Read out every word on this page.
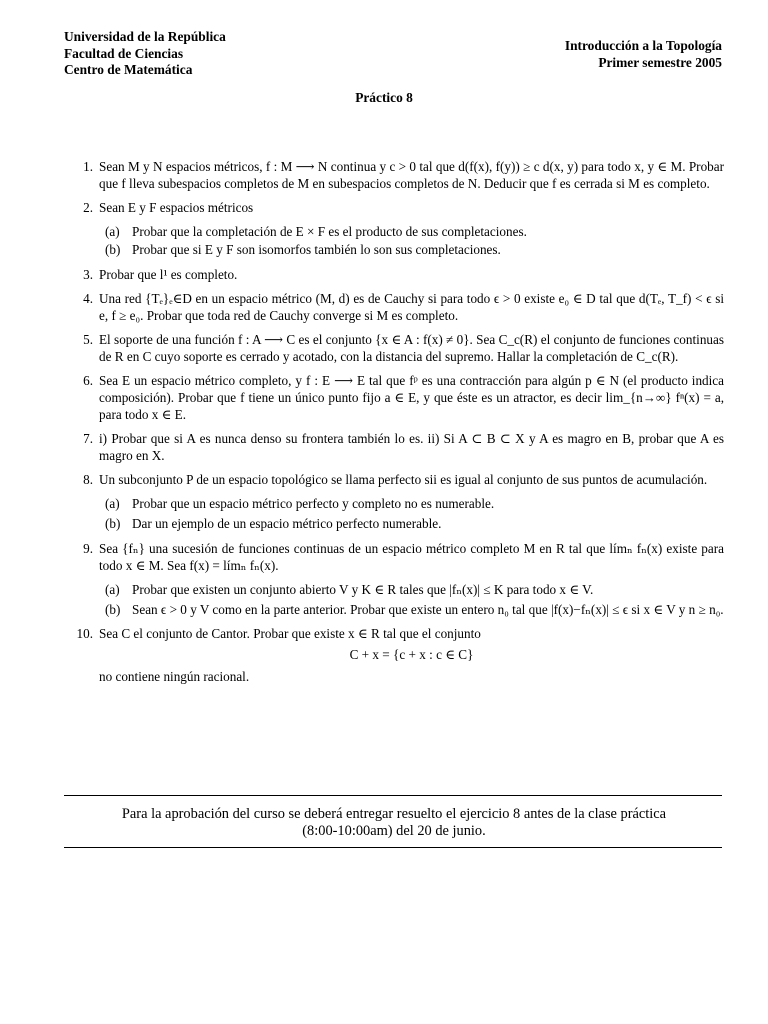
Universidad de la República
Facultad de Ciencias
Centro de Matemática
Introducción a la Topología
Primer semestre 2005
Práctico 8
1. Sean M y N espacios métricos, f : M ⟶ N continua y c > 0 tal que d(f(x), f(y)) ≥ c d(x, y) para todo x, y ∈ M. Probar que f lleva subespacios completos de M en subespacios completos de N. Deducir que f es cerrada si M es completo.
2. Sean E y F espacios métricos
(a) Probar que la completación de E × F es el producto de sus completaciones.
(b) Probar que si E y F son isomorfos también lo son sus completaciones.
3. Probar que l¹ es completo.
4. Una red {Tₑ}ₑ∈D en un espacio métrico (M, d) es de Cauchy si para todo ϵ > 0 existe e₀ ∈ D tal que d(Tₑ, T_f) < ϵ si e, f ≥ e₀. Probar que toda red de Cauchy converge si M es completo.
5. El soporte de una función f : A ⟶ C es el conjunto {x ∈ A : f(x) ≠ 0}. Sea C_c(R) el conjunto de funciones continuas de R en C cuyo soporte es cerrado y acotado, con la distancia del supremo. Hallar la completación de C_c(R).
6. Sea E un espacio métrico completo, y f : E ⟶ E tal que fᵖ es una contracción para algún p ∈ N (el producto indica composición). Probar que f tiene un único punto fijo a ∈ E, y que éste es un atractor, es decir lim_{n→∞} fⁿ(x) = a, para todo x ∈ E.
7. i) Probar que si A es nunca denso su frontera también lo es. ii) Si A ⊂ B ⊂ X y A es magro en B, probar que A es magro en X.
8. Un subconjunto P de un espacio topológico se llama perfecto sii es igual al conjunto de sus puntos de acumulación.
(a) Probar que un espacio métrico perfecto y completo no es numerable.
(b) Dar un ejemplo de un espacio métrico perfecto numerable.
9. Sea {fₙ} una sucesión de funciones continuas de un espacio métrico completo M en R tal que límₙ fₙ(x) existe para todo x ∈ M. Sea f(x) = límₙ fₙ(x).
(a) Probar que existen un conjunto abierto V y K ∈ R tales que |fₙ(x)| ≤ K para todo x ∈ V.
(b) Sean ϵ > 0 y V como en la parte anterior. Probar que existe un entero n₀ tal que |f(x)−fₙ(x)| ≤ ϵ si x ∈ V y n ≥ n₀.
10. Sea C el conjunto de Cantor. Probar que existe x ∈ R tal que el conjunto
C + x = {c + x : c ∈ C}
no contiene ningún racional.
Para la aprobación del curso se deberá entregar resuelto el ejercicio 8 antes de la clase práctica (8:00-10:00am) del 20 de junio.
